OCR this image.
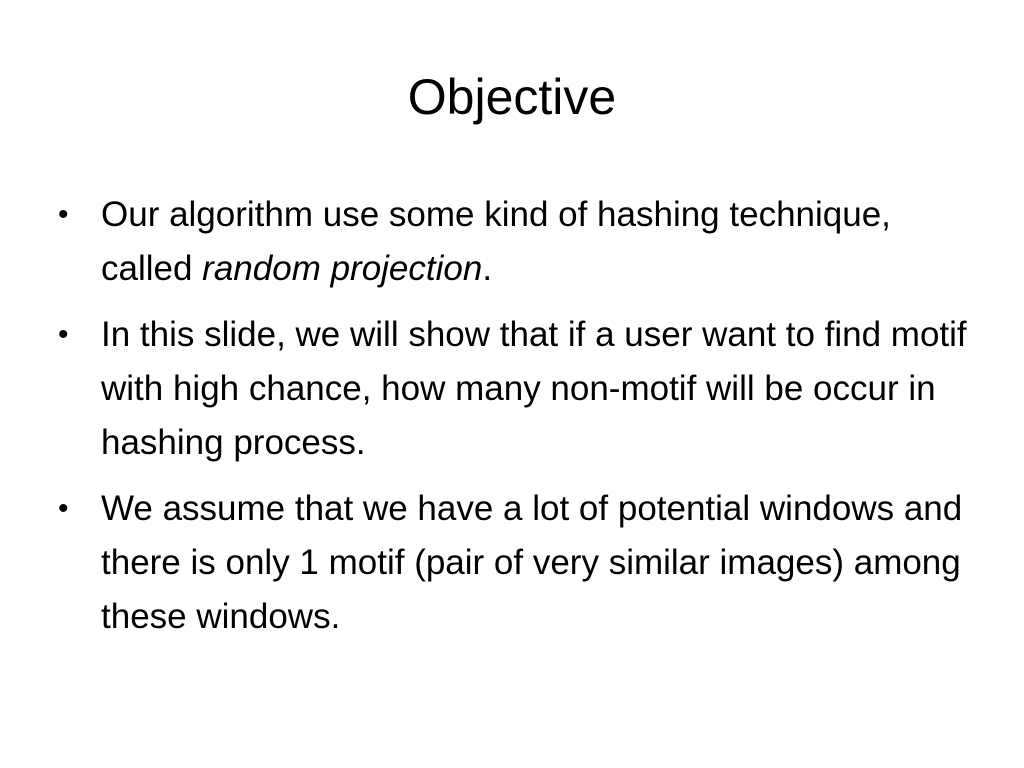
Objective
• Our algorithm use some kind of hashing technique, called random projection.
• In this slide, we will show that if a user want to find motif with high chance, how many non-motif will be occur in hashing process.
• We assume that we have a lot of potential windows and there is only 1 motif (pair of very similar images) among these windows.
